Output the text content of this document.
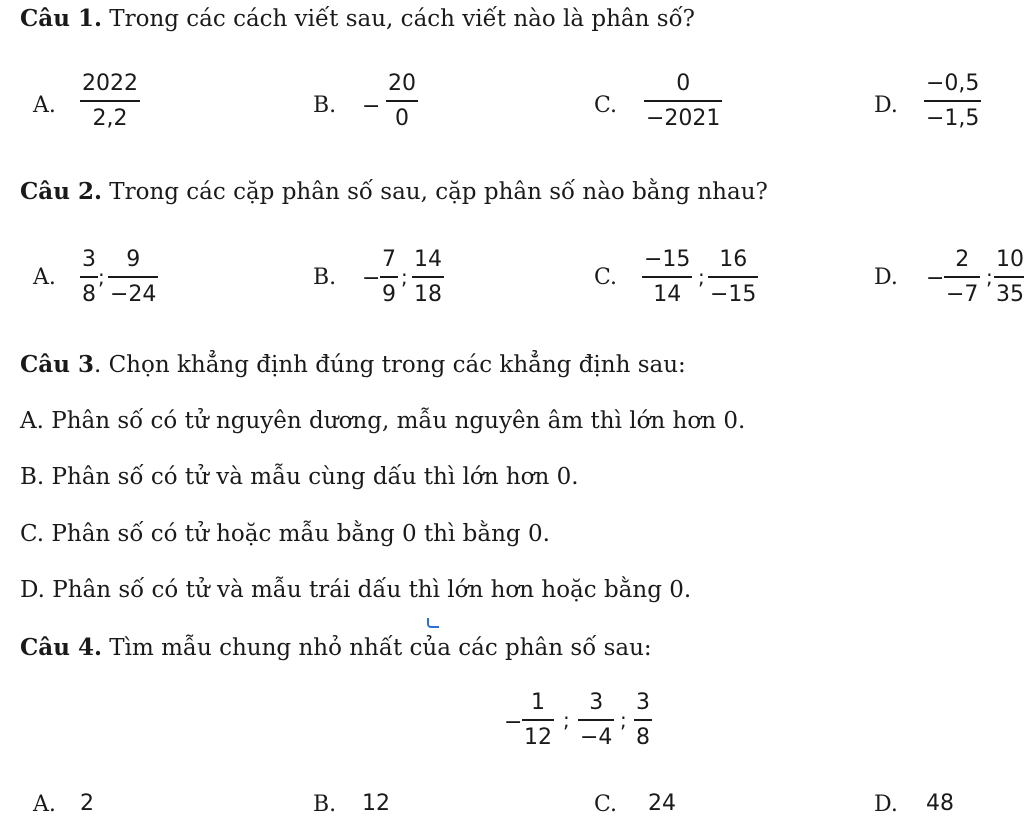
Câu 1. Trong các cách viết sau, cách viết nào là phân số?
A.
2022
2,2
B. −
20
0
C.
0
−2021
D.
−0,5
−1,5
Câu 2. Trong các cặp phân số sau, cặp phân số nào bằng nhau?
A.
3
8
;
9
−24
B. −
7
9
;
14
18
C.
−15
14
;
16
−15
D. −
2
−7
;
10
35
Câu 3. Chọn khẳng định đúng trong các khẳng định sau:
A. Phân số có tử nguyên dương, mẫu nguyên âm thì lớn hơn 0.
B. Phân số có tử và mẫu cùng dấu thì lớn hơn 0.
C. Phân số có tử hoặc mẫu bằng 0 thì bằng 0.
D. Phân số có tử và mẫu trái dấu thì lớn hơn hoặc bằng 0.
Câu 4. Tìm mẫu chung nhỏ nhất của các phân số sau:
−
1
12
;
3
−4
;
3
8
A. 2	B. 12	C. 24	D. 48
